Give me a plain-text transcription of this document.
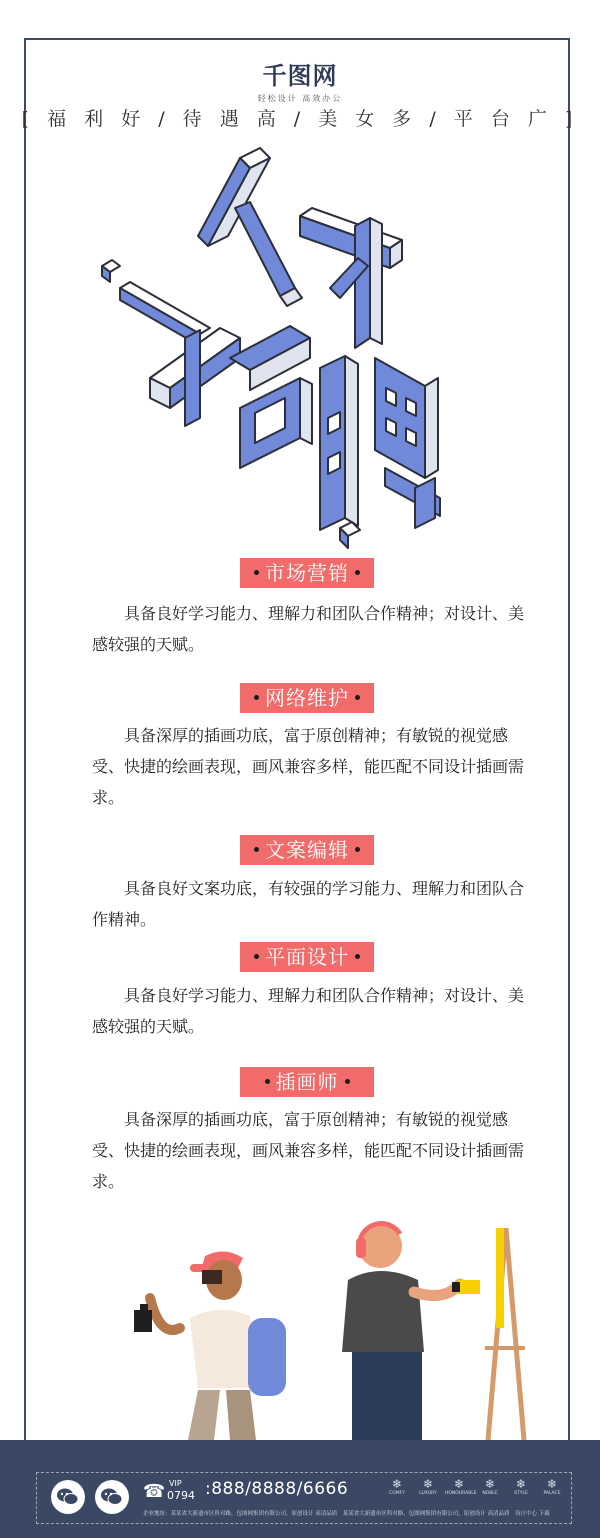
千图网
轻松设计 高效办公
[ 福 利 好 / 待 遇 高 / 美 女 多 / 平 台 广 ]
市场营销
　　具备良好学习能力、理解力和团队合作精神；对设计、美感较强的天赋。
网络维护
　　具备深厚的插画功底，富于原创精神；有敏锐的视觉感受、快捷的绘画表现，画风兼容多样，能匹配不同设计插画需求。
文案编辑
　　具备良好文案功底，有较强的学习能力、理解力和团队合作精神。
平面设计
　　具备良好学习能力、理解力和团队合作精神；对设计、美感较强的天赋。
插画师
　　具备深厚的插画功底，富于原创精神；有敏锐的视觉感受、快捷的绘画表现，画风兼容多样，能匹配不同设计插画需求。
☎ VIP
0794 :888/8888/6666
企业地址：某某省大新遗市区科对路，包图网集团有限公司，原创设计 高清品质　某某省大新遗市区科对路，包图网集团有限公司，原创设计 高清品质　设计中心 下载
❄
COMFY
❄
LUXURY
❄
HONOURABLE
❄
NOBLE
❄
STYLE
❄
PALACE
